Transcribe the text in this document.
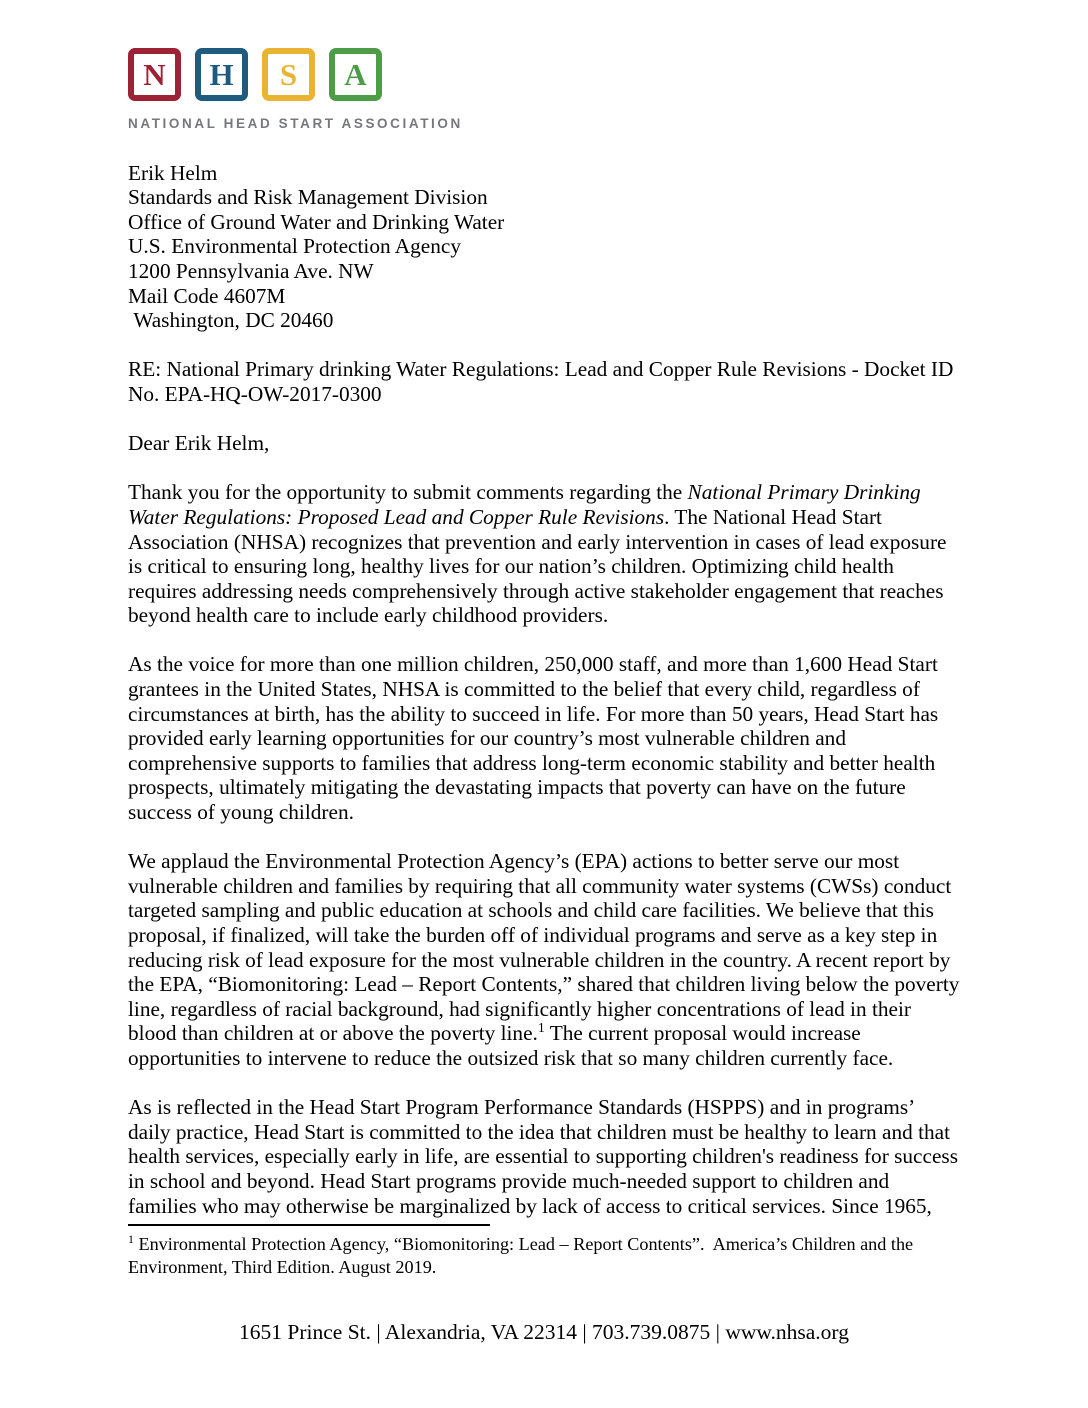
N	H	S	A
NATIONAL HEAD START ASSOCIATION
Erik Helm
Standards and Risk Management Division
Office of Ground Water and Drinking Water
U.S. Environmental Protection Agency
1200 Pennsylvania Ave. NW
Mail Code 4607M
Washington, DC 20460
RE: National Primary drinking Water Regulations: Lead and Copper Rule Revisions - Docket ID No. EPA-HQ-OW-2017-0300
Dear Erik Helm,
Thank you for the opportunity to submit comments regarding the National Primary Drinking Water Regulations: Proposed Lead and Copper Rule Revisions. The National Head Start Association (NHSA) recognizes that prevention and early intervention in cases of lead exposure is critical to ensuring long, healthy lives for our nation’s children. Optimizing child health requires addressing needs comprehensively through active stakeholder engagement that reaches beyond health care to include early childhood providers.
As the voice for more than one million children, 250,000 staff, and more than 1,600 Head Start grantees in the United States, NHSA is committed to the belief that every child, regardless of circumstances at birth, has the ability to succeed in life. For more than 50 years, Head Start has provided early learning opportunities for our country’s most vulnerable children and comprehensive supports to families that address long-term economic stability and better health prospects, ultimately mitigating the devastating impacts that poverty can have on the future success of young children.
We applaud the Environmental Protection Agency’s (EPA) actions to better serve our most vulnerable children and families by requiring that all community water systems (CWSs) conduct targeted sampling and public education at schools and child care facilities. We believe that this proposal, if finalized, will take the burden off of individual programs and serve as a key step in reducing risk of lead exposure for the most vulnerable children in the country. A recent report by the EPA, “Biomonitoring: Lead – Report Contents,” shared that children living below the poverty line, regardless of racial background, had significantly higher concentrations of lead in their blood than children at or above the poverty line.$^1$ The current proposal would increase opportunities to intervene to reduce the outsized risk that so many children currently face.
As is reflected in the Head Start Program Performance Standards (HSPPS) and in programs’ daily practice, Head Start is committed to the idea that children must be healthy to learn and that health services, especially early in life, are essential to supporting children's readiness for success in school and beyond. Head Start programs provide much-needed support to children and families who may otherwise be marginalized by lack of access to critical services. Since 1965,
$^1$ Environmental Protection Agency, “Biomonitoring: Lead – Report Contents”.  America’s Children and the Environment, Third Edition. August 2019.
1651 Prince St. | Alexandria, VA 22314 | 703.739.0875 | www.nhsa.org
